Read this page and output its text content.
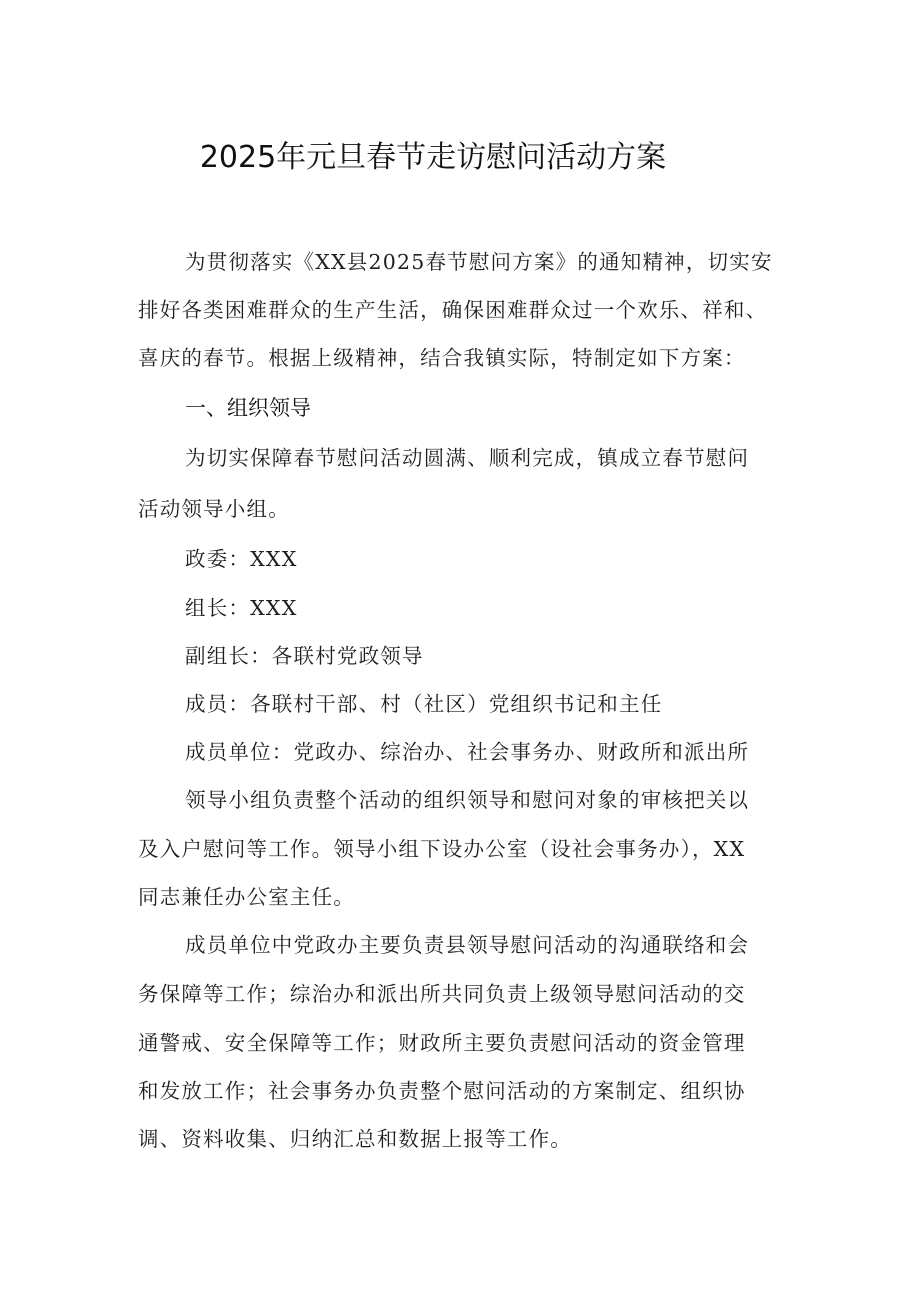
2025年元旦春节走访慰问活动方案
为贯彻落实《XX县2025春节慰问方案》的通知精神，切实安
排好各类困难群众的生产生活，确保困难群众过一个欢乐、祥和、
喜庆的春节。根据上级精神，结合我镇实际，特制定如下方案：
一、组织领导
为切实保障春节慰问活动圆满、顺利完成，镇成立春节慰问
活动领导小组。
政委：XXX
组长：XXX
副组长：各联村党政领导
成员：各联村干部、村（社区）党组织书记和主任
成员单位：党政办、综治办、社会事务办、财政所和派出所
领导小组负责整个活动的组织领导和慰问对象的审核把关以
及入户慰问等工作。领导小组下设办公室（设社会事务办），XX
同志兼任办公室主任。
成员单位中党政办主要负责县领导慰问活动的沟通联络和会
务保障等工作；综治办和派出所共同负责上级领导慰问活动的交
通警戒、安全保障等工作；财政所主要负责慰问活动的资金管理
和发放工作；社会事务办负责整个慰问活动的方案制定、组织协
调、资料收集、归纳汇总和数据上报等工作。
